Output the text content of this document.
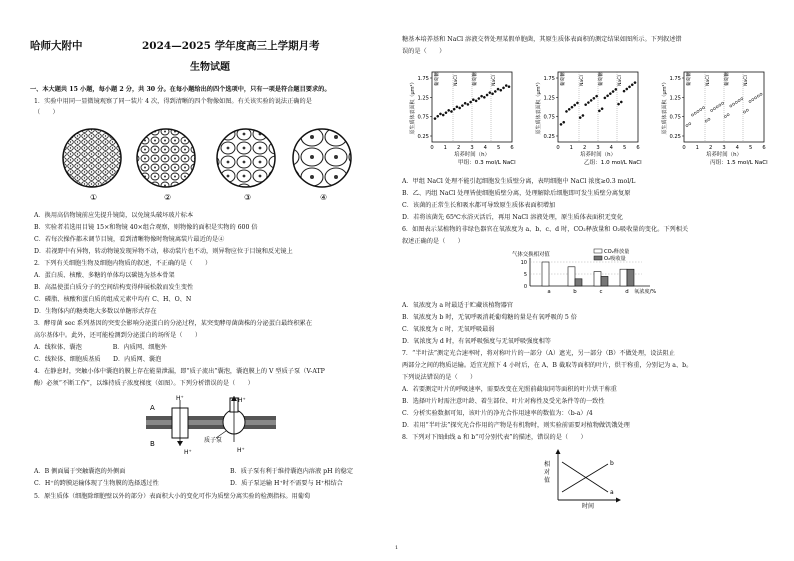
哈师大附中	2024—2025 学年度高三上学期月考
生物试题
一、本大题共 15 小题，每小题 2 分，共 30 分。在每小题给出的四个选项中，只有一项是符合题目要求的。
1．实验中用同一显微镜观察了同一装片 4 次，得到清晰的四个物像如图。有关该实验的说法正确的是
（　　）
①	②	③	④
A．换用高倍物镜前应先提升镜筒，以免镜头破坏玻片标本
B．实验者若选用目镜 15×和物镜 40×组合观察，则物像的面积是实物的 600 倍
C．若每次操作都未调节目镜，看到清晰物像时物镜离装片最近的是④
D．若视野中有异物，转动物镜发现异物不动，移动装片也不动，则异物应位于目镜和反光镜上
2．下列有关细胞生物及细胞内物质的叙述，不正确的是（　　）
A．蛋白质、核酸、多糖的单体均以碳链为基本骨架
B．高温使蛋白质分子的空间结构变得伸展松散而发生变性
C．磷脂、核酸和蛋白质的组成元素中均有 C、H、O、N
D．生物体内的糖类绝大多数以单糖形式存在
3．酵母菌 sec 系列基因的突变会影响分泌蛋白的分泌过程，某突变酵母菌菌株的分泌蛋白最终积累在
高尔基体中。此外，还可能检测到分泌蛋白的场所是（　　）
A．线粒体、囊泡　　　　　B．内质网、细胞外
C．线粒体、细胞质基质　　D．内质网、囊泡
4．在静息时，突触小体中囊泡的膜上存在能量泄漏，即“质子流出”囊泡，囊泡膜上的 V 型质子泵（V-ATP
酶）必须“不断工作”，以维持质子浓度梯度（如图）。下列分析错误的是（　　）
A
B
H⁺
H⁺
H⁺
H⁺
质子泵
A．B 侧面属于突触囊泡的外侧面	B．质子泵有利于维持囊泡内溶液 pH 的稳定
C．H⁺的跨膜运输体现了生物膜的选择透过性	D．质子泵运输 H⁺时不需要与 H⁺相结合
5．原生质体（细胞除细胞壁以外的部分）表面积大小的变化可作为质壁分离实验的检测指标。用葡萄
糖基本培养基和 NaCl 溶液交替处理某假单胞菌，其原生质体表面积的测定结果如图所示。下列叙述错
误的是（　　）
0.25
0.75
1.25
1.75
0 1 2 3 4 5 6
培养时间（h）
甲组：0.3 mol/L NaCl
原生质体表面积（μm²）
葡萄糖	NaCl	葡萄糖	NaCl
0.25
0.75
1.25
1.75
0 1 2 3 4 5 6
培养时间（h）
乙组：1.0 mol/L NaCl
原生质体表面积（μm²）
葡萄糖	NaCl	葡萄糖	NaCl
0.25
0.75
1.25
1.75
0 1 2 3 4 5 6
培养时间（h）
丙组：1.5 mol/L NaCl
原生质体表面积（μm²）
葡萄糖	NaCl	葡萄糖	NaCl
A．甲组 NaCl 处理不能引起细胞发生质壁分离，表明细胞中 NaCl 浓度≥0.3 mol/L
B．乙、丙组 NaCl 处理皆使细胞质壁分离，处理解除后细胞即可发生质壁分离复原
C．该菌的正常生长和吸水都可导致原生质体表面积增加
D．若将该菌先 65℃水浴灭活后，再用 NaCl 溶液处理，原生质体表面积无变化
6．如图表示某植物的非绿色器官在氧浓度为 a、b、c、d 时，CO₂释放量和 O₂吸收量的变化。下列相关
叙述正确的是（　　）
气体交换相对值	CO₂释放量
O₂吸收量
0
5
10
a	b	c	d 氧浓度/%
A．氧浓度为 a 时最适于贮藏该植物器官
B．氧浓度为 b 时，无氧呼吸消耗葡萄糖的量是有氧呼吸的 5 倍
C．氧浓度为 c 时，无氧呼吸最弱
D．氧浓度为 d 时，有氧呼吸强度与无氧呼吸强度相等
7．“半叶法”测定光合速率时，将对称叶片的一部分（A）遮光，另一部分（B）不做处理，设法阻止
两部分之间的物质运输。适宜光照下 4 小时后，在 A、B 截取等面积的叶片，烘干称重，分别记为 a、b。
下列说法错误的是（　　）
A．若要测定叶片的呼吸速率，需要改变在光照前截取同等面积的叶片烘干称重
B．选择叶片时需注意叶龄、着生部位、叶片对称性及受光条件等的一致性
C．分析实验数据可知，该叶片的净光合作用速率的数值为：（b-a）/4
D．若用“半叶法”探究光合作用的产物是有机物时，则实验前需要对植物做饥饿处理
8．下列对下图曲线 a 和 b“可分别代表”的描述，错误的是（　　）
相
对
值
a
b
时间
1
